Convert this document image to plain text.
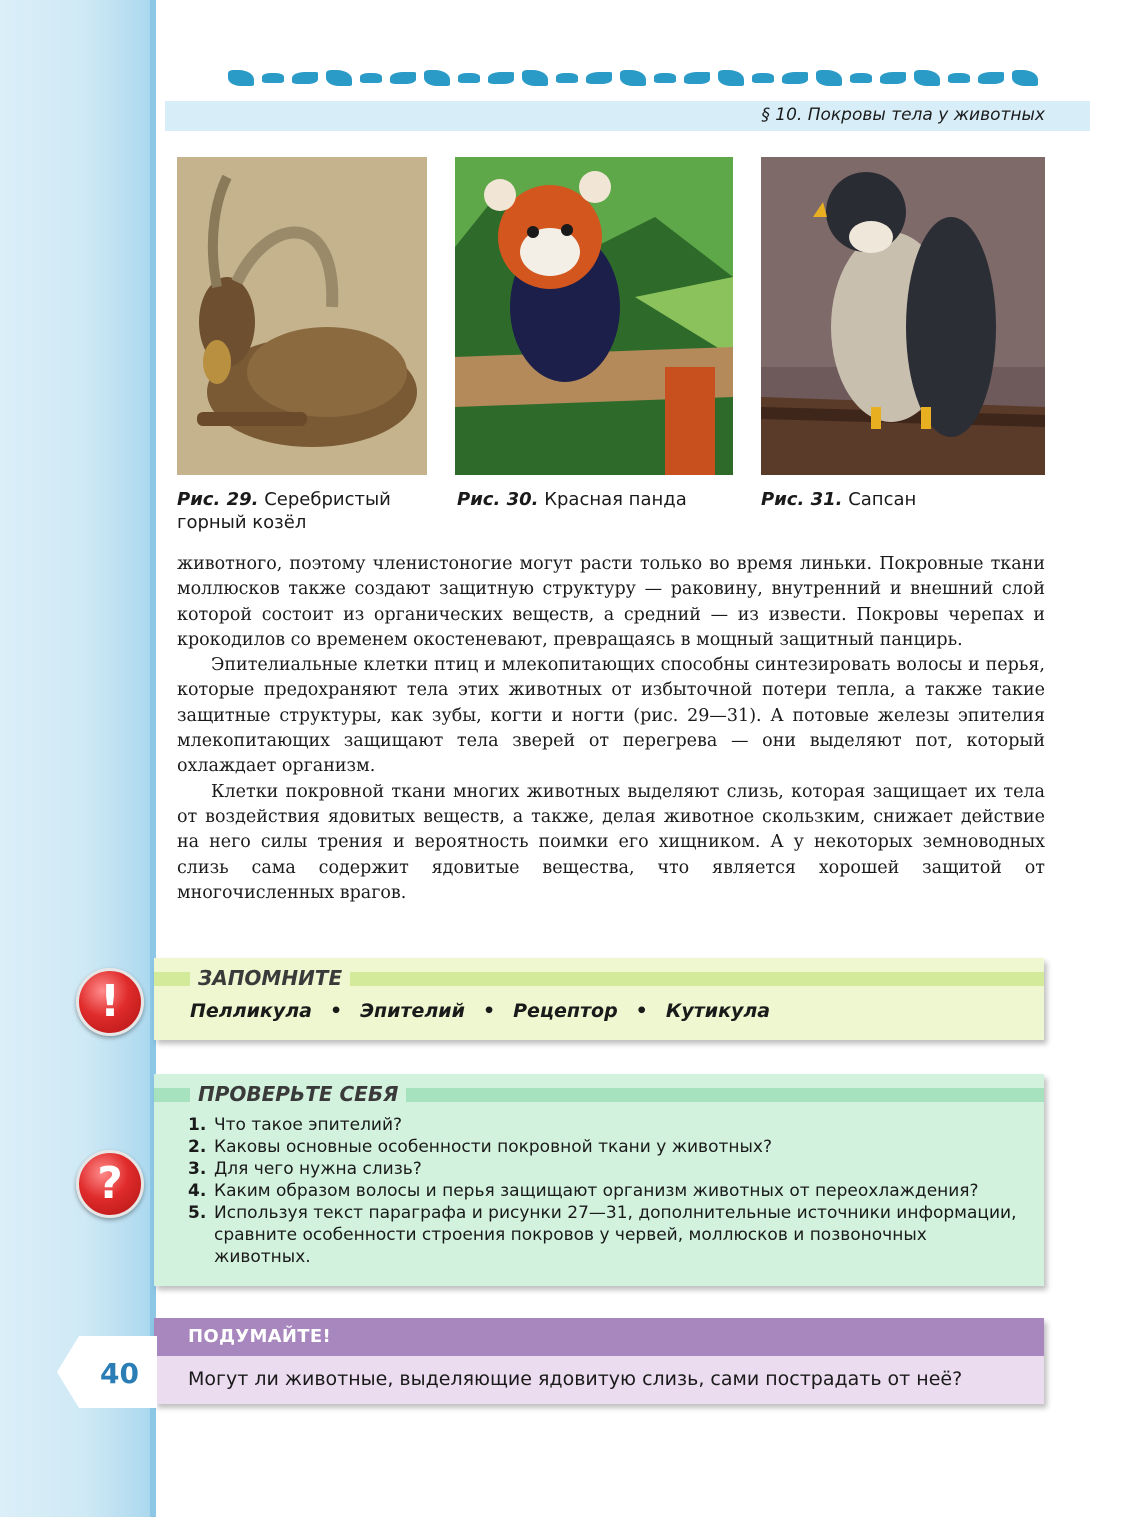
§ 10. Покровы тела у животных
Рис. 29. Серебристый
горный козёл
Рис. 30. Красная панда	Рис. 31. Сапсан

животного, поэтому членистоногие могут расти только во время линьки. Покровные ткани моллюсков также создают защитную структуру — раковину, внутренний и внешний слой которой состоит из органических веществ, а средний — из извести. Покровы черепах и крокодилов со временем окостеневают, превращаясь в мощный защитный панцирь.

Эпителиальные клетки птиц и млекопитающих способны синтезировать волосы и перья, которые предохраняют тела этих животных от избыточной потери тепла, а также такие защитные структуры, как зубы, когти и ногти (рис. 29—31). А потовые железы эпителия млекопитающих защищают тела зверей от перегрева — они выделяют пот, который охлаждает организм.

Клетки покровной ткани многих животных выделяют слизь, которая защищает их тела от воздействия ядовитых веществ, а также, делая животное скользким, снижает действие на него силы трения и вероятность поимки его хищником. А у некоторых земноводных слизь сама содержит ядовитые вещества, что является хорошей защитой от многочисленных врагов.

!	ЗАПОМНИТЕ
Пелликула • Эпителий • Рецептор • Кутикула
?
ПРОВЕРЬТЕ СЕБЯ
1. Что такое эпителий?
2. Каковы основные особенности покровной ткани у животных?
3. Для чего нужна слизь?
4. Каким образом волосы и перья защищают организм животных от переохлаждения?
5. Используя текст параграфа и рисунки 27—31, дополнительные источники информации, сравните особенности строения покровов у червей, моллюсков и позвоночных животных.
ПОДУМАЙТЕ!
Могут ли животные, выделяющие ядовитую слизь, сами пострадать от неё?
40
